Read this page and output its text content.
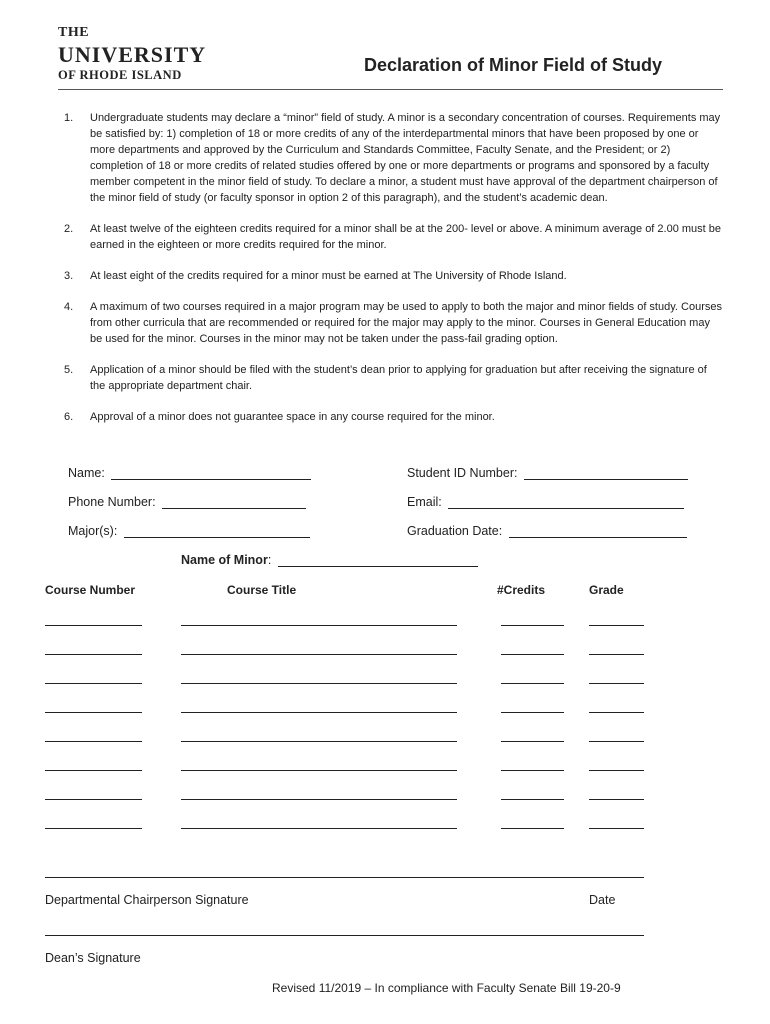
THE
UNIVERSITY
OF RHODE ISLAND	Declaration of Minor Field of Study
1.	Undergraduate students may declare a “minor” field of study. A minor is a secondary concentration of courses. Requirements may be satisfied by: 1) completion of 18 or more credits of any of the interdepartmental minors that have been proposed by one or more departments and approved by the Curriculum and Standards Committee, Faculty Senate, and the President; or 2) completion of 18 or more credits of related studies offered by one or more departments or programs and sponsored by a faculty member competent in the minor field of study. To declare a minor, a student must have approval of the department chairperson of the minor field of study (or faculty sponsor in option 2 of this paragraph), and the student’s academic dean.
2.	At least twelve of the eighteen credits required for a minor shall be at the 200- level or above. A minimum average of 2.00 must be earned in the eighteen or more credits required for the minor.
3.	At least eight of the credits required for a minor must be earned at The University of Rhode Island.
4.	A maximum of two courses required in a major program may be used to apply to both the major and minor fields of study. Courses from other curricula that are recommended or required for the major may apply to the minor. Courses in General Education may be used for the minor. Courses in the minor may not be taken under the pass-fail grading option.
5.	Application of a minor should be filed with the student’s dean prior to applying for graduation but after receiving the signature of the appropriate department chair.
6.	Approval of a minor does not guarantee space in any course required for the minor.
Name:	Student ID Number:
Phone Number:	Email:
Major(s):	Graduation Date:
Name of Minor:
Course Number	Course Title	#Credits	Grade
Departmental Chairperson Signature	Date
Dean’s Signature
Revised 11/2019 – In compliance with Faculty Senate Bill 19-20-9
